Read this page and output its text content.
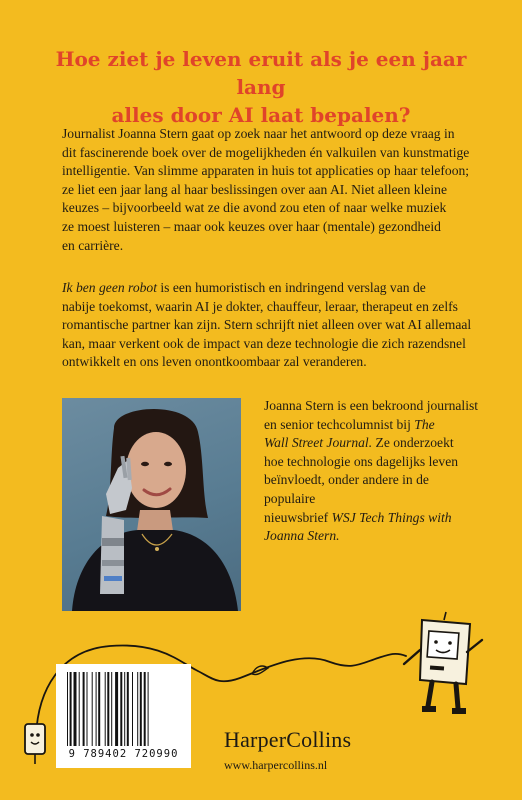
Hoe ziet je leven eruit als je een jaar lang
alles door AI laat bepalen?

Journalist Joanna Stern gaat op zoek naar het antwoord op deze vraag in
dit fascinerende boek over de mogelijkheden én valkuilen van kunstmatige
intelligentie. Van slimme apparaten in huis tot applicaties op haar telefoon;
ze liet een jaar lang al haar beslissingen over aan AI. Niet alleen kleine
keuzes – bijvoorbeeld wat ze die avond zou eten of naar welke muziek
ze moest luisteren – maar ook keuzes over haar (mentale) gezondheid
en carrière.

Ik ben geen robot is een humoristisch en indringend verslag van de
nabije toekomst, waarin AI je dokter, chauffeur, leraar, therapeut en zelfs
romantische partner kan zijn. Stern schrijft niet alleen over wat AI allemaal
kan, maar verkent ook de impact van deze technologie die zich razendsnel
ontwikkelt en ons leven onontkoombaar zal veranderen.

Joanna Stern is een bekroond journalist
en senior techcolumnist bij The
Wall Street Journal. Ze onderzoekt
hoe technologie ons dagelijks leven
beïnvloedt, onder andere in de populaire
nieuwsbrief WSJ Tech Things with
Joanna Stern.

9 789402 720990
HarperCollins
www.harpercollins.nl
